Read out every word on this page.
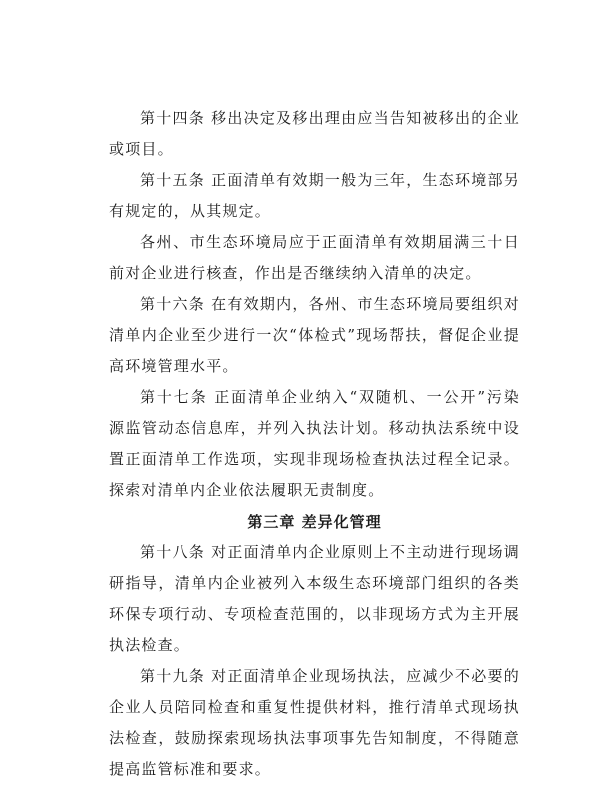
第十四条 移出决定及移出理由应当告知被移出的企业或项目。

第十五条 正面清单有效期一般为三年，生态环境部另有规定的，从其规定。

各州、市生态环境局应于正面清单有效期届满三十日前对企业进行核查，作出是否继续纳入清单的决定。

第十六条 在有效期内，各州、市生态环境局要组织对清单内企业至少进行一次“体检式”现场帮扶，督促企业提高环境管理水平。

第十七条 正面清单企业纳入“双随机、一公开”污染源监管动态信息库，并列入执法计划。移动执法系统中设置正面清单工作选项，实现非现场检查执法过程全记录。探索对清单内企业依法履职无责制度。

第三章 差异化管理

第十八条 对正面清单内企业原则上不主动进行现场调研指导，清单内企业被列入本级生态环境部门组织的各类环保专项行动、专项检查范围的，以非现场方式为主开展执法检查。

第十九条 对正面清单企业现场执法，应减少不必要的企业人员陪同检查和重复性提供材料，推行清单式现场执法检查，鼓励探索现场执法事项事先告知制度，不得随意提高监管标准和要求。
